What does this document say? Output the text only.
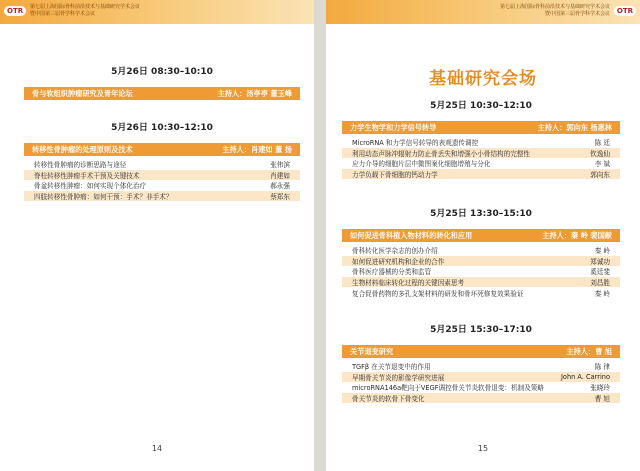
OTR	第七届上海国际骨科前沿技术与基础研究学术会议
暨中国第三届骨学科学术会议
5月26日 08:30–10:10
骨与软组织肿瘤研究及青年论坛	主持人：汤亭亭 董玉峰
5月26日 10:30–12:10
转移性骨肿瘤的处理原则及技术	主持人：肖建如 董 扬
转移性骨肿瘤的诊断思路与途径	张伟滨
脊柱转移性肿瘤手术干预及关键技术	肖建如
骨盆转移性肿瘤：如何实现个体化治疗	郝永强
四肢转移性骨肿瘤：如何干预：手术？非手术？	蔡郑东
14
第七届上海国际骨科前沿技术与基础研究学术会议
暨中国第三届骨学科学术会议 OTR
基础研究会场
5月25日 10:30–12:10
力学生物学和力学信号转导	主持人：郭向东 杨惠林
MicroRNA 和力学信号转导的表观遗传调控	陈 廷
利用动态声脉冲辐射力防止骨丢失和增强小小骨结构的完整性	钦逸仙
应力介导的细胞片层中微图案化细胞增殖与分化	李 斌
力学负载下骨细胞的钙动力学	郭向东
5月25日 13:30–15:10
如何促进骨科植入物材料的转化和应用	主持人：秦 岭 裴国献
骨科转化医学杂志的创办介绍	秦 岭
如何促进研究机构和企业的合作	郑诚功
骨科医疗器械的分类和监管	奚廷斐
生物材料临床转化过程的关键因素思考	刘昌胜
复合促骨药物的多孔支架材料的研发和骨坏死修复效果验证	秦 岭
5月25日 15:30–17:10
关节退变研究	主持人：曹 旭
TGFβ 在关节退变中的作用	陈 律
早期骨关节炎的影像学研究进展	John A. Carrino
microRNA146a靶向于VEGF调控骨关节炎软骨退变：机制及策略	张晓玲
骨关节炎的软骨下骨变化	曹 旭
15
